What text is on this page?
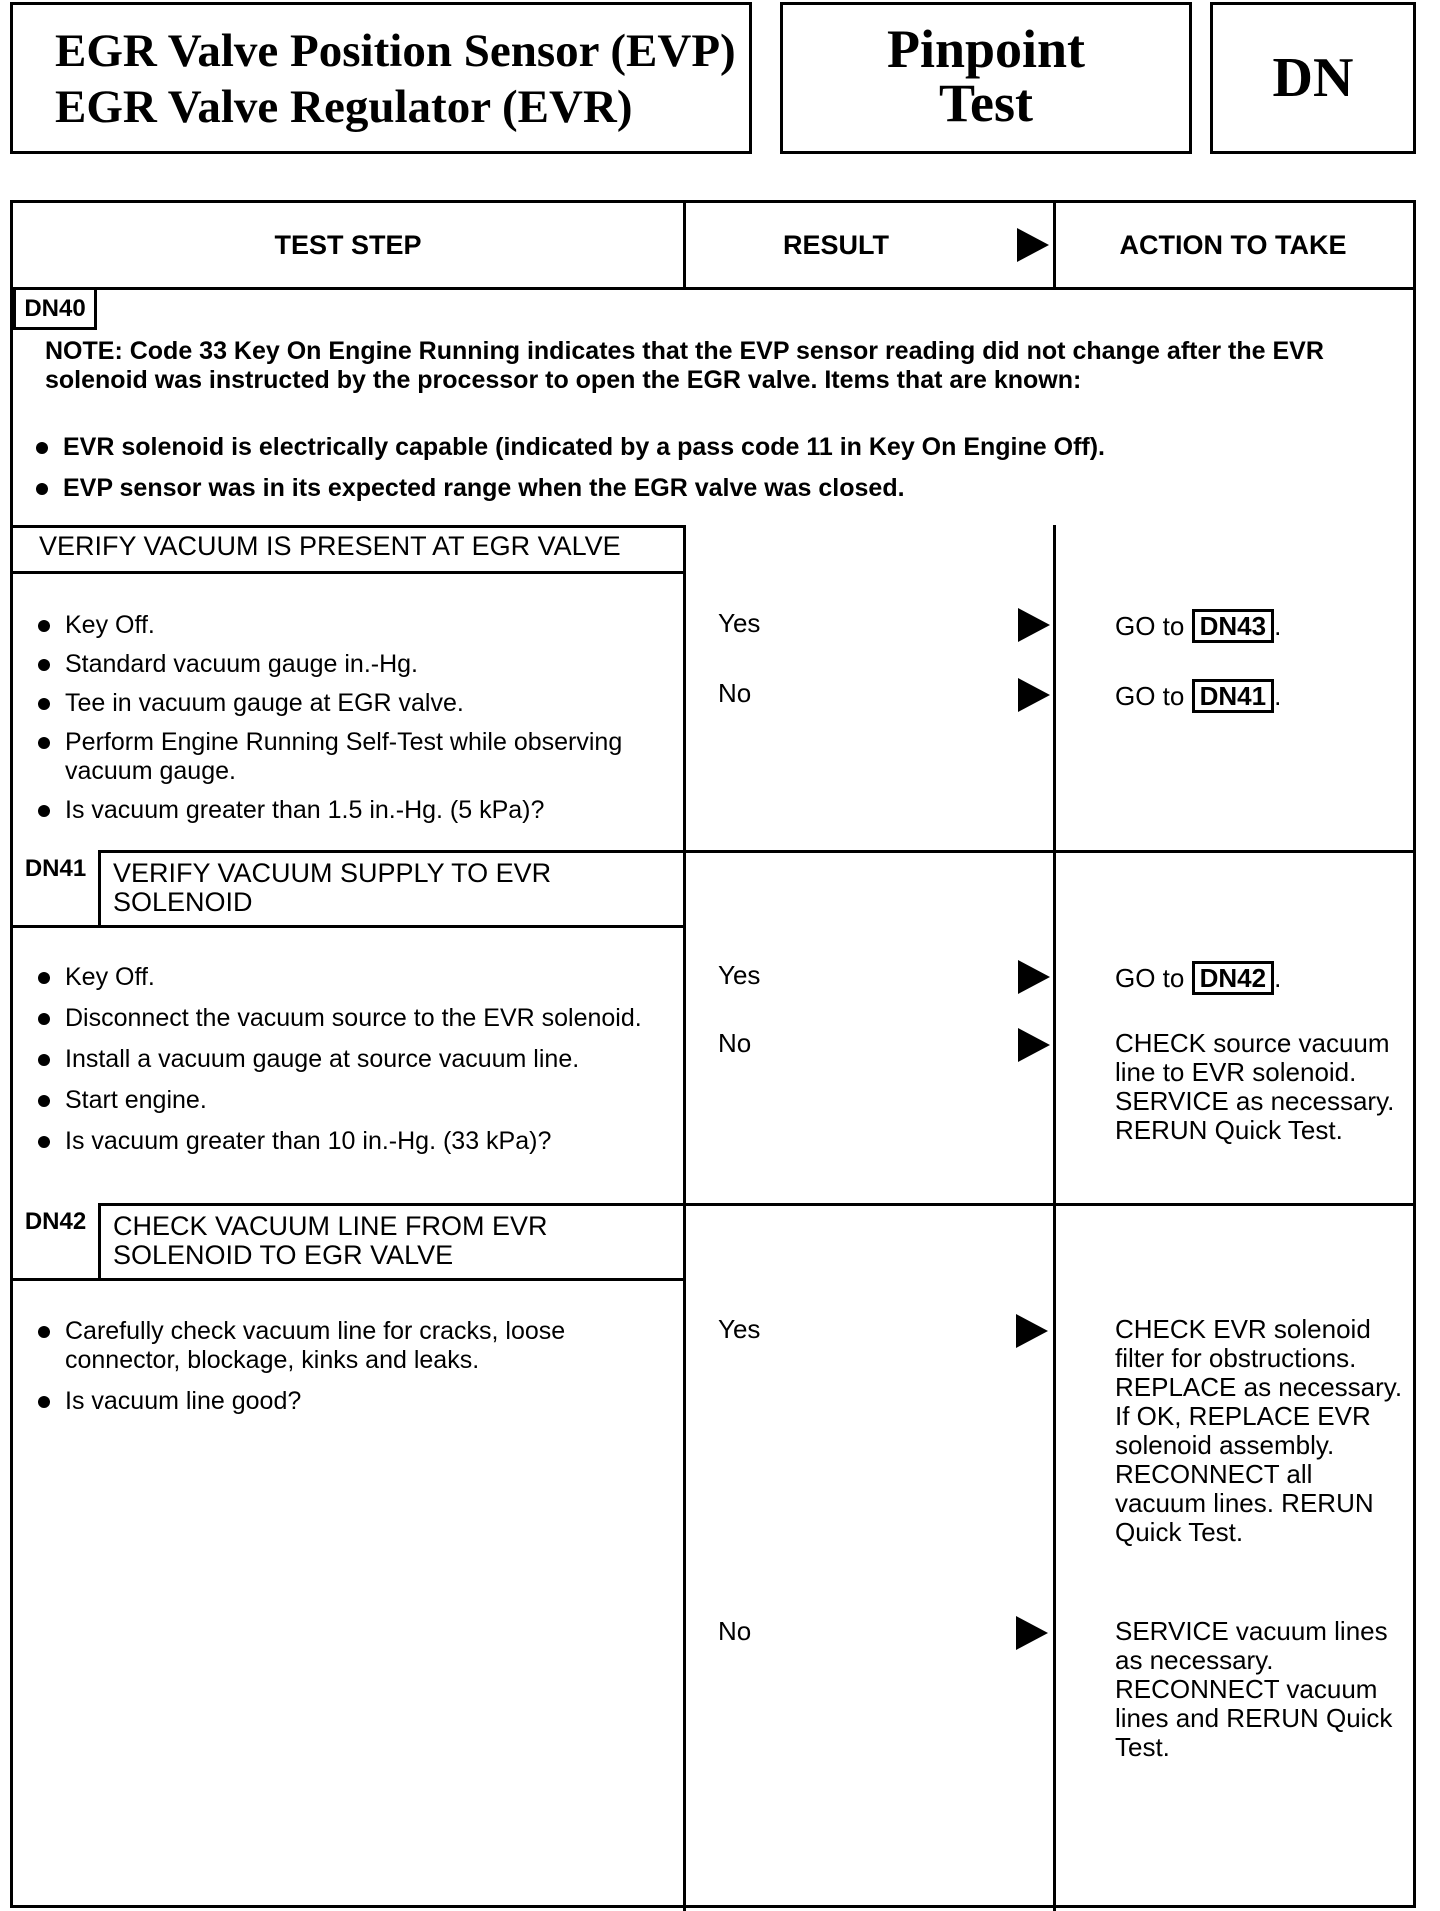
EGR Valve Position Sensor (EVP)
EGR Valve Regulator (EVR)
Pinpoint
Test	DN
TEST STEP	RESULT	ACTION TO TAKE
DN40
NOTE: Code 33 Key On Engine Running indicates that the EVP sensor reading did not change after the EVR solenoid was instructed by the processor to open the EGR valve. Items that are known:
EVR solenoid is electrically capable (indicated by a pass code 11 in Key On Engine Off).
EVP sensor was in its expected range when the EGR valve was closed.
VERIFY VACUUM IS PRESENT AT EGR VALVE
Key Off.
Standard vacuum gauge in.-Hg.
Tee in vacuum gauge at EGR valve.
Perform Engine Running Self-Test while observing vacuum gauge.
Is vacuum greater than 1.5 in.-Hg. (5 kPa)?
Yes	GO to DN43 .
No	GO to DN41 .
DN41 VERIFY VACUUM SUPPLY TO EVR SOLENOID
Key Off.
Disconnect the vacuum source to the EVR solenoid.
Install a vacuum gauge at source vacuum line.
Start engine.
Is vacuum greater than 10 in.-Hg. (33 kPa)?
Yes	GO to DN42 .
No	CHECK source vacuum line to EVR solenoid. SERVICE as necessary. RERUN Quick Test.
DN42 CHECK VACUUM LINE FROM EVR SOLENOID TO EGR VALVE
Carefully check vacuum line for cracks, loose connector, blockage, kinks and leaks.
Is vacuum line good?
Yes	CHECK EVR solenoid filter for obstructions. REPLACE as necessary. If OK, REPLACE EVR solenoid assembly. RECONNECT all vacuum lines. RERUN Quick Test.
No	SERVICE vacuum lines as necessary. RECONNECT vacuum lines and RERUN Quick Test.
